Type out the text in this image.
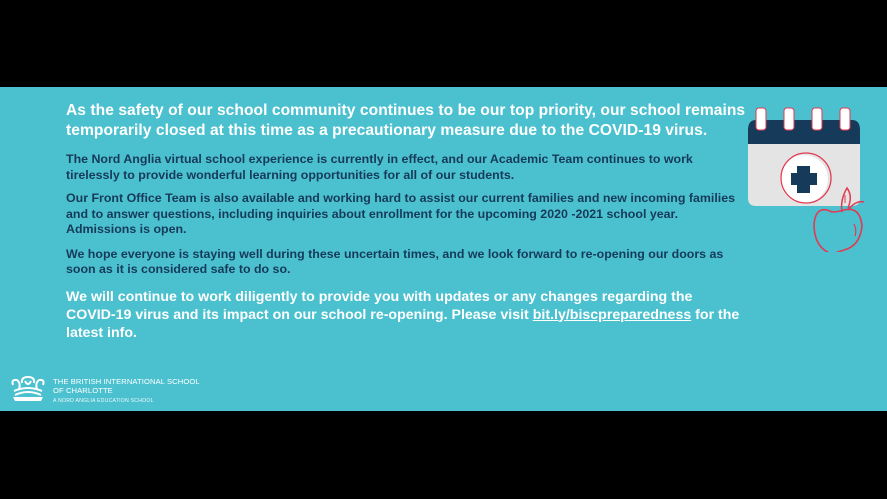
As the safety of our school community continues to be our top priority, our school remains temporarily closed at this time as a precautionary measure due to the COVID-19 virus.

The Nord Anglia virtual school experience is currently in effect, and our Academic Team continues to work tirelessly to provide wonderful learning opportunities for all of our students.

Our Front Office Team is also available and working hard to assist our current families and new incoming families and to answer questions, including inquiries about enrollment for the upcoming 2020 -2021 school year. Admissions is open.

We hope everyone is staying well during these uncertain times, and we look forward to re-opening our doors as soon as it is considered safe to do so.

We will continue to work diligently to provide you with updates or any changes regarding the COVID-19 virus and its impact on our school re-opening. Please visit bit.ly/biscpreparedness for the latest info.

THE BRITISH INTERNATIONAL SCHOOL
OF CHARLOTTE
A NORD ANGLIA EDUCATION SCHOOL
